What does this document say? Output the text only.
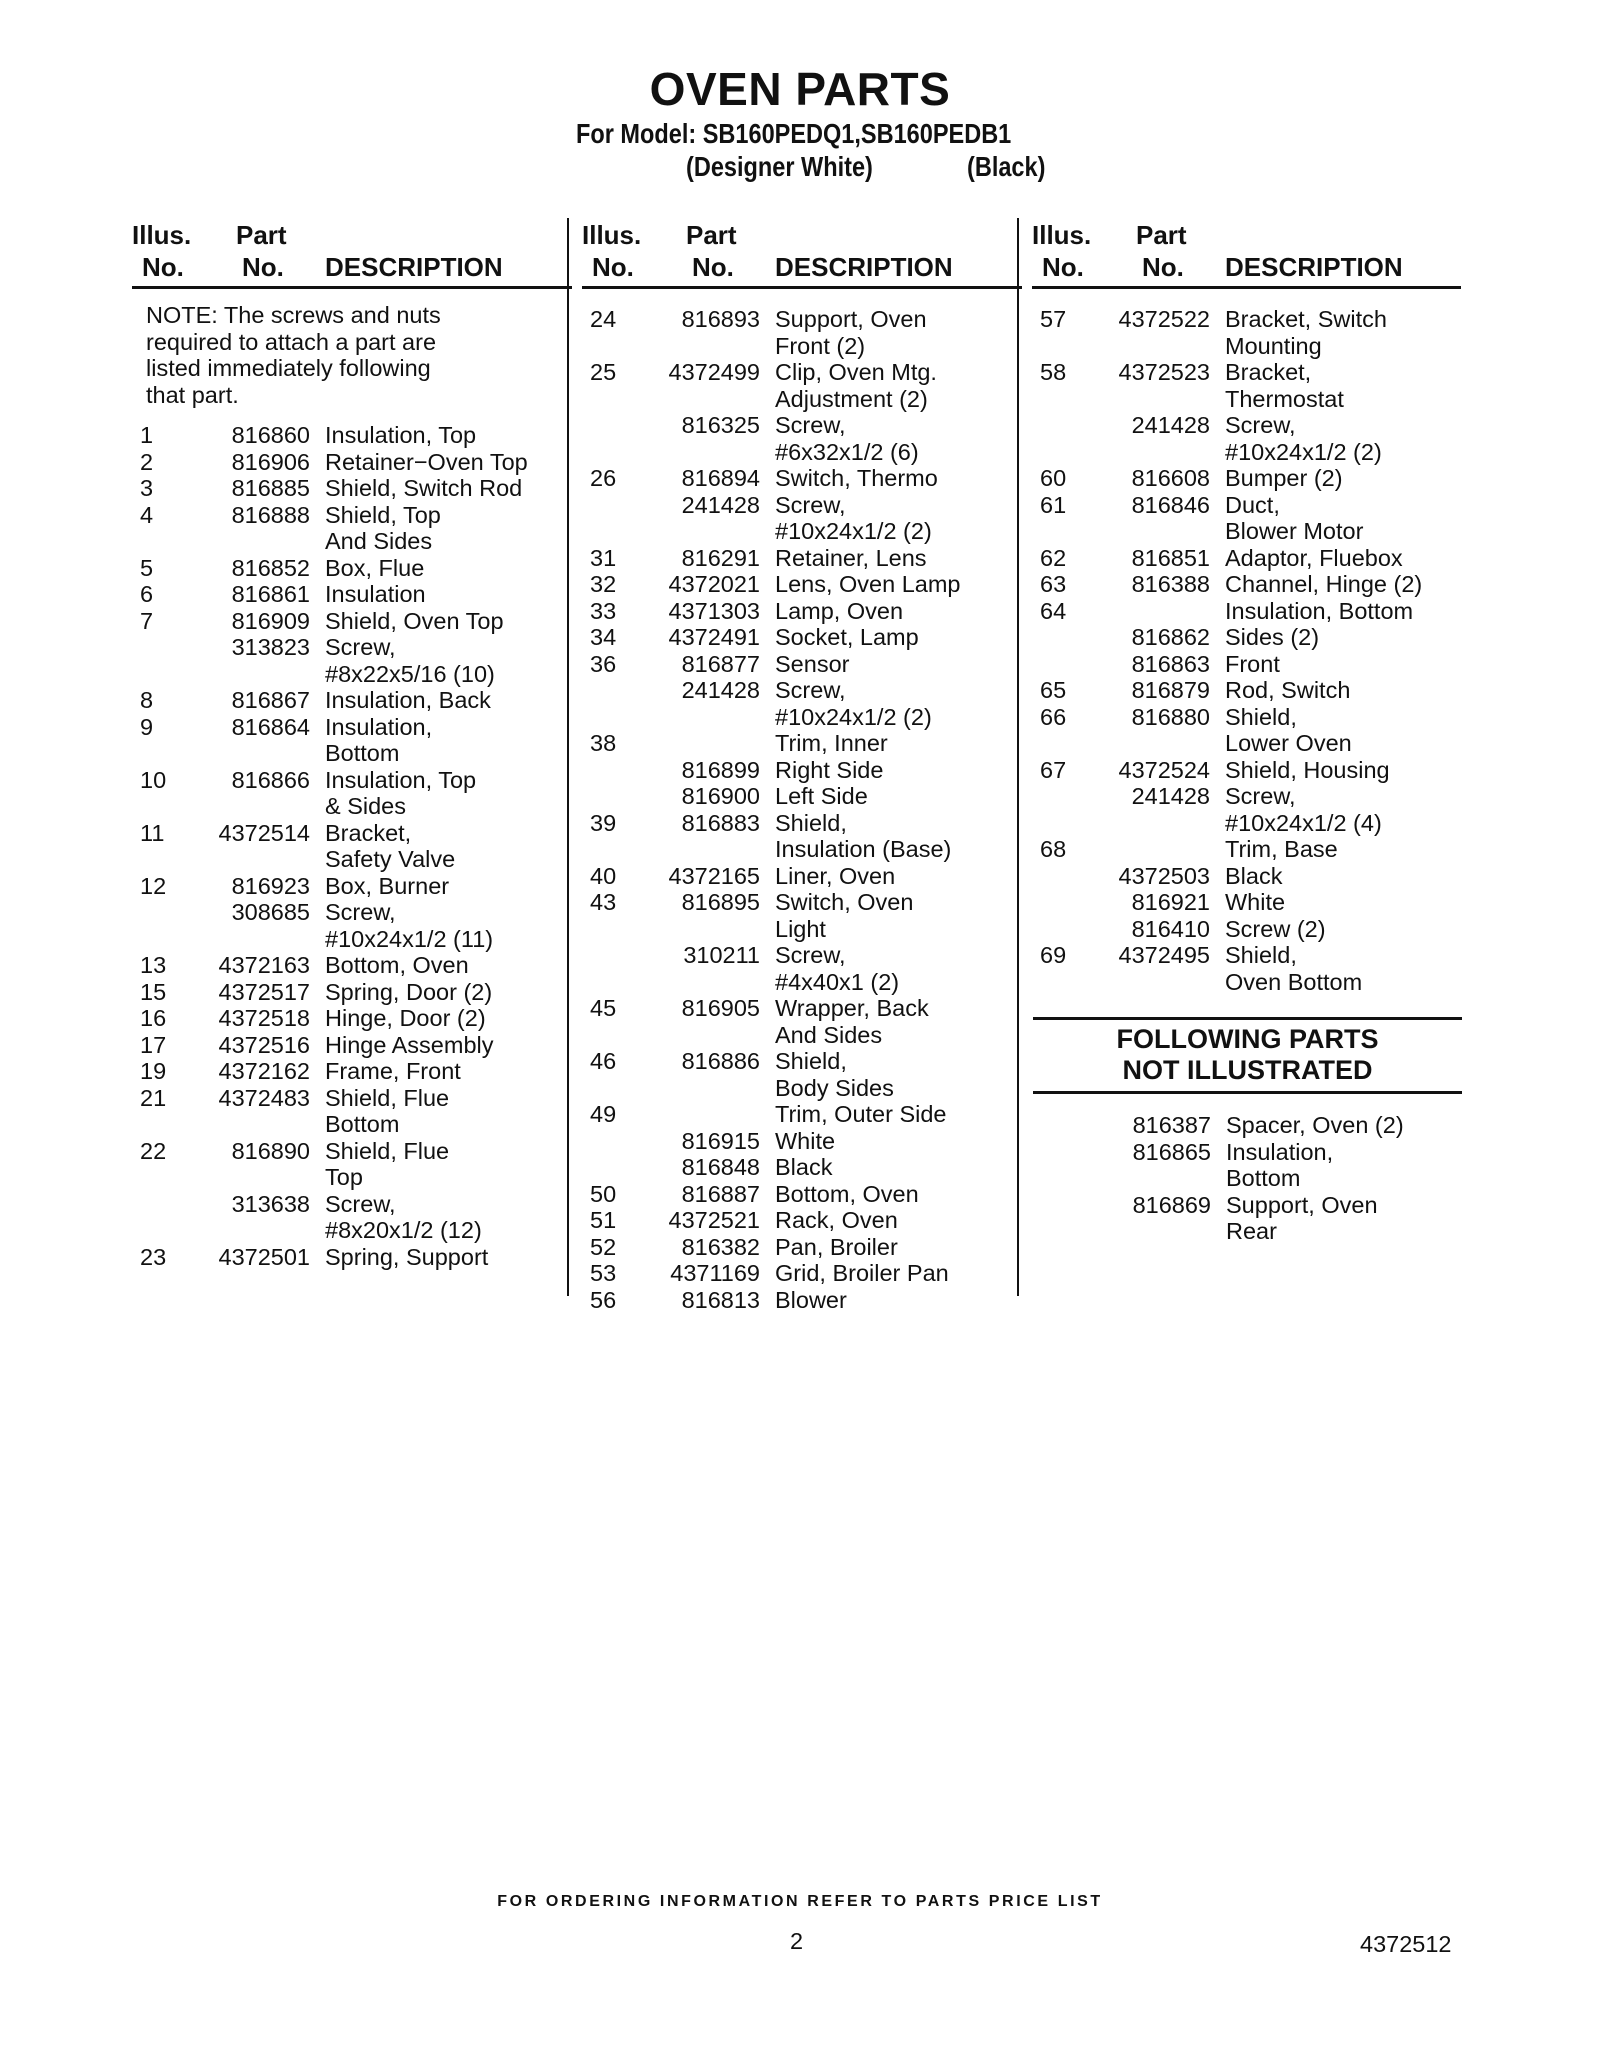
OVEN PARTS
For Model: SB160PEDQ1,SB160PEDB1
(Designer White)	(Black)
Illus.
No.
Part
No. DESCRIPTION
NOTE: The screws and nuts
required to attach a part are
listed immediately following
that part.
1	816860 Insulation, Top
2	816906 Retainer−Oven Top
3	816885 Shield, Switch Rod
4	816888 Shield, Top
And Sides
5	816852 Box, Flue
6	816861 Insulation
7	816909 Shield, Oven Top
313823 Screw,
#8x22x5/16 (10)
8	816867 Insulation, Back
9	816864 Insulation,
Bottom
10	816866 Insulation, Top
& Sides
11	4372514 Bracket,
Safety Valve
12	816923 Box, Burner
308685 Screw,
#10x24x1/2 (11)
13	4372163 Bottom, Oven
15	4372517 Spring, Door (2)
16	4372518 Hinge, Door (2)
17	4372516 Hinge Assembly
19	4372162 Frame, Front
21	4372483 Shield, Flue
Bottom
22	816890 Shield, Flue
Top
313638 Screw,
#8x20x1/2 (12)
23	4372501 Spring, Support
Illus.
No.
Part
No. DESCRIPTION
24	816893 Support, Oven
Front (2)
25	4372499 Clip, Oven Mtg.
Adjustment (2)
816325 Screw,
#6x32x1/2 (6)
26	816894 Switch, Thermo
241428 Screw,
#10x24x1/2 (2)
31	816291 Retainer, Lens
32	4372021 Lens, Oven Lamp
33	4371303 Lamp, Oven
34	4372491 Socket, Lamp
36	816877 Sensor
241428 Screw,
#10x24x1/2 (2)
38	Trim, Inner
816899 Right Side
816900 Left Side
39	816883 Shield,
Insulation (Base)
40	4372165 Liner, Oven
43	816895 Switch, Oven
Light
310211 Screw,
#4x40x1 (2)
45	816905 Wrapper, Back
And Sides
46	816886 Shield,
Body Sides
49	Trim, Outer Side
816915 White
816848 Black
50	816887 Bottom, Oven
51	4372521 Rack, Oven
52	816382 Pan, Broiler
53	4371169 Grid, Broiler Pan
56	816813 Blower
Illus.
No.
Part
No. DESCRIPTION
57	4372522 Bracket, Switch
Mounting
58	4372523 Bracket,
Thermostat
241428 Screw,
#10x24x1/2 (2)
60	816608 Bumper (2)
61	816846 Duct,
Blower Motor
62	816851 Adaptor, Fluebox
63	816388 Channel, Hinge (2)
64	Insulation, Bottom
816862 Sides (2)
816863 Front
65	816879 Rod, Switch
66	816880 Shield,
Lower Oven
67	4372524 Shield, Housing
241428 Screw,
#10x24x1/2 (4)
68	Trim, Base
4372503 Black
816921 White
816410 Screw (2)
69	4372495 Shield,
Oven Bottom
FOLLOWING PARTS
NOT ILLUSTRATED
816387 Spacer, Oven (2)
816865 Insulation,
Bottom
816869 Support, Oven
Rear
FOR ORDERING INFORMATION REFER TO PARTS PRICE LIST
2	4372512
